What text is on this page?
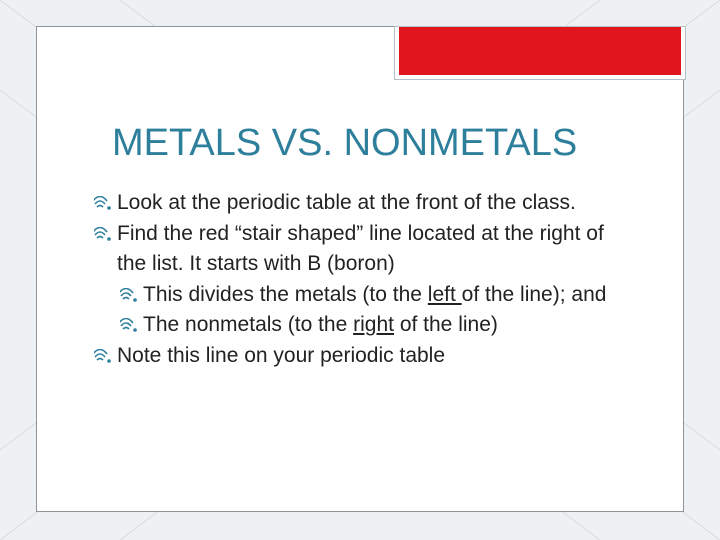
METALS VS. NONMETALS
Look at the periodic table at the front of the class.
Find the red “stair shaped” line located at the right of the list. It starts with B (boron)
This divides the metals (to the left of the line); and
The nonmetals (to the right of the line)
Note this line on your periodic table
